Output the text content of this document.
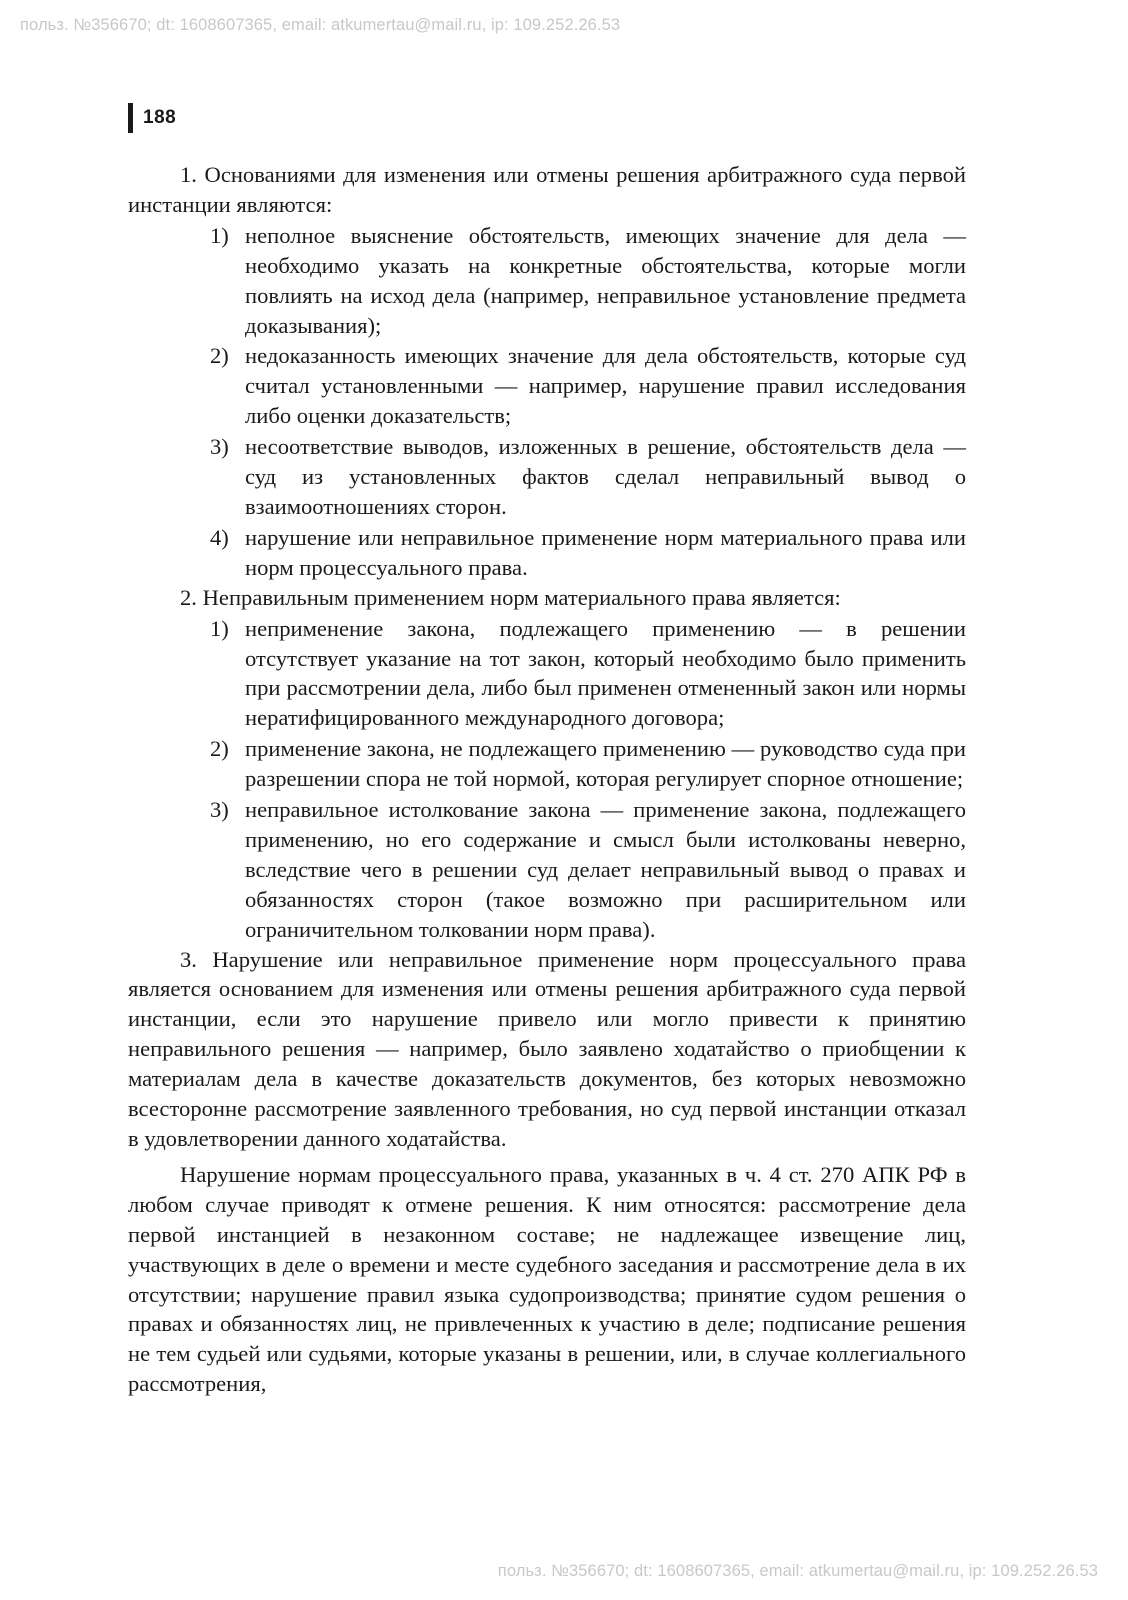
польз. №356670; dt: 1608607365, email: atkumertau@mail.ru, ip: 109.252.26.53
188

1. Основаниями для изменения или отмены решения арбитражного суда первой инстанции являются:

1) неполное выяснение обстоятельств, имеющих значение для дела — необходимо указать на конкретные обстоятельства, которые могли повлиять на исход дела (например, неправильное установление предмета доказывания);
2) недоказанность имеющих значение для дела обстоятельств, которые суд считал установленными — например, нарушение правил исследования либо оценки доказательств;
3) несоответствие выводов, изложенных в решение, обстоятельств дела — суд из установленных фактов сделал неправильный вывод о взаимоотношениях сторон.
4) нарушение или неправильное применение норм материального права или норм процессуального права.

2. Неправильным применением норм материального права является:

1) неприменение закона, подлежащего применению — в решении отсутствует указание на тот закон, который необходимо было применить при рассмотрении дела, либо был применен отмененный закон или нормы нератифицированного международного договора;
2) применение закона, не подлежащего применению — руководство суда при разрешении спора не той нормой, которая регулирует спорное отношение;
3) неправильное истолкование закона — применение закона, подлежащего применению, но его содержание и смысл были истолкованы неверно, вследствие чего в решении суд делает неправильный вывод о правах и обязанностях сторон (такое возможно при расширительном или ограничительном толковании норм права).

3. Нарушение или неправильное применение норм процессуального права является основанием для изменения или отмены решения арбитражного суда первой инстанции, если это нарушение привело или могло привести к принятию неправильного решения — например, было заявлено ходатайство о приобщении к материалам дела в качестве доказательств документов, без которых невозможно всесторонне рассмотрение заявленного требования, но суд первой инстанции отказал в удовлетворении данного ходатайства.

Нарушение нормам процессуального права, указанных в ч. 4 ст. 270 АПК РФ в любом случае приводят к отмене решения. К ним относятся: рассмотрение дела первой инстанцией в незаконном составе; не надлежащее извещение лиц, участвующих в деле о времени и месте судебного заседания и рассмотрение дела в их отсутствии; нарушение правил языка судопроизводства; принятие судом решения о правах и обязанностях лиц, не привлеченных к участию в деле; подписание решения не тем судьей или судьями, которые указаны в решении, или, в случае коллегиального рассмотрения,

польз. №356670; dt: 1608607365, email: atkumertau@mail.ru, ip: 109.252.26.53
